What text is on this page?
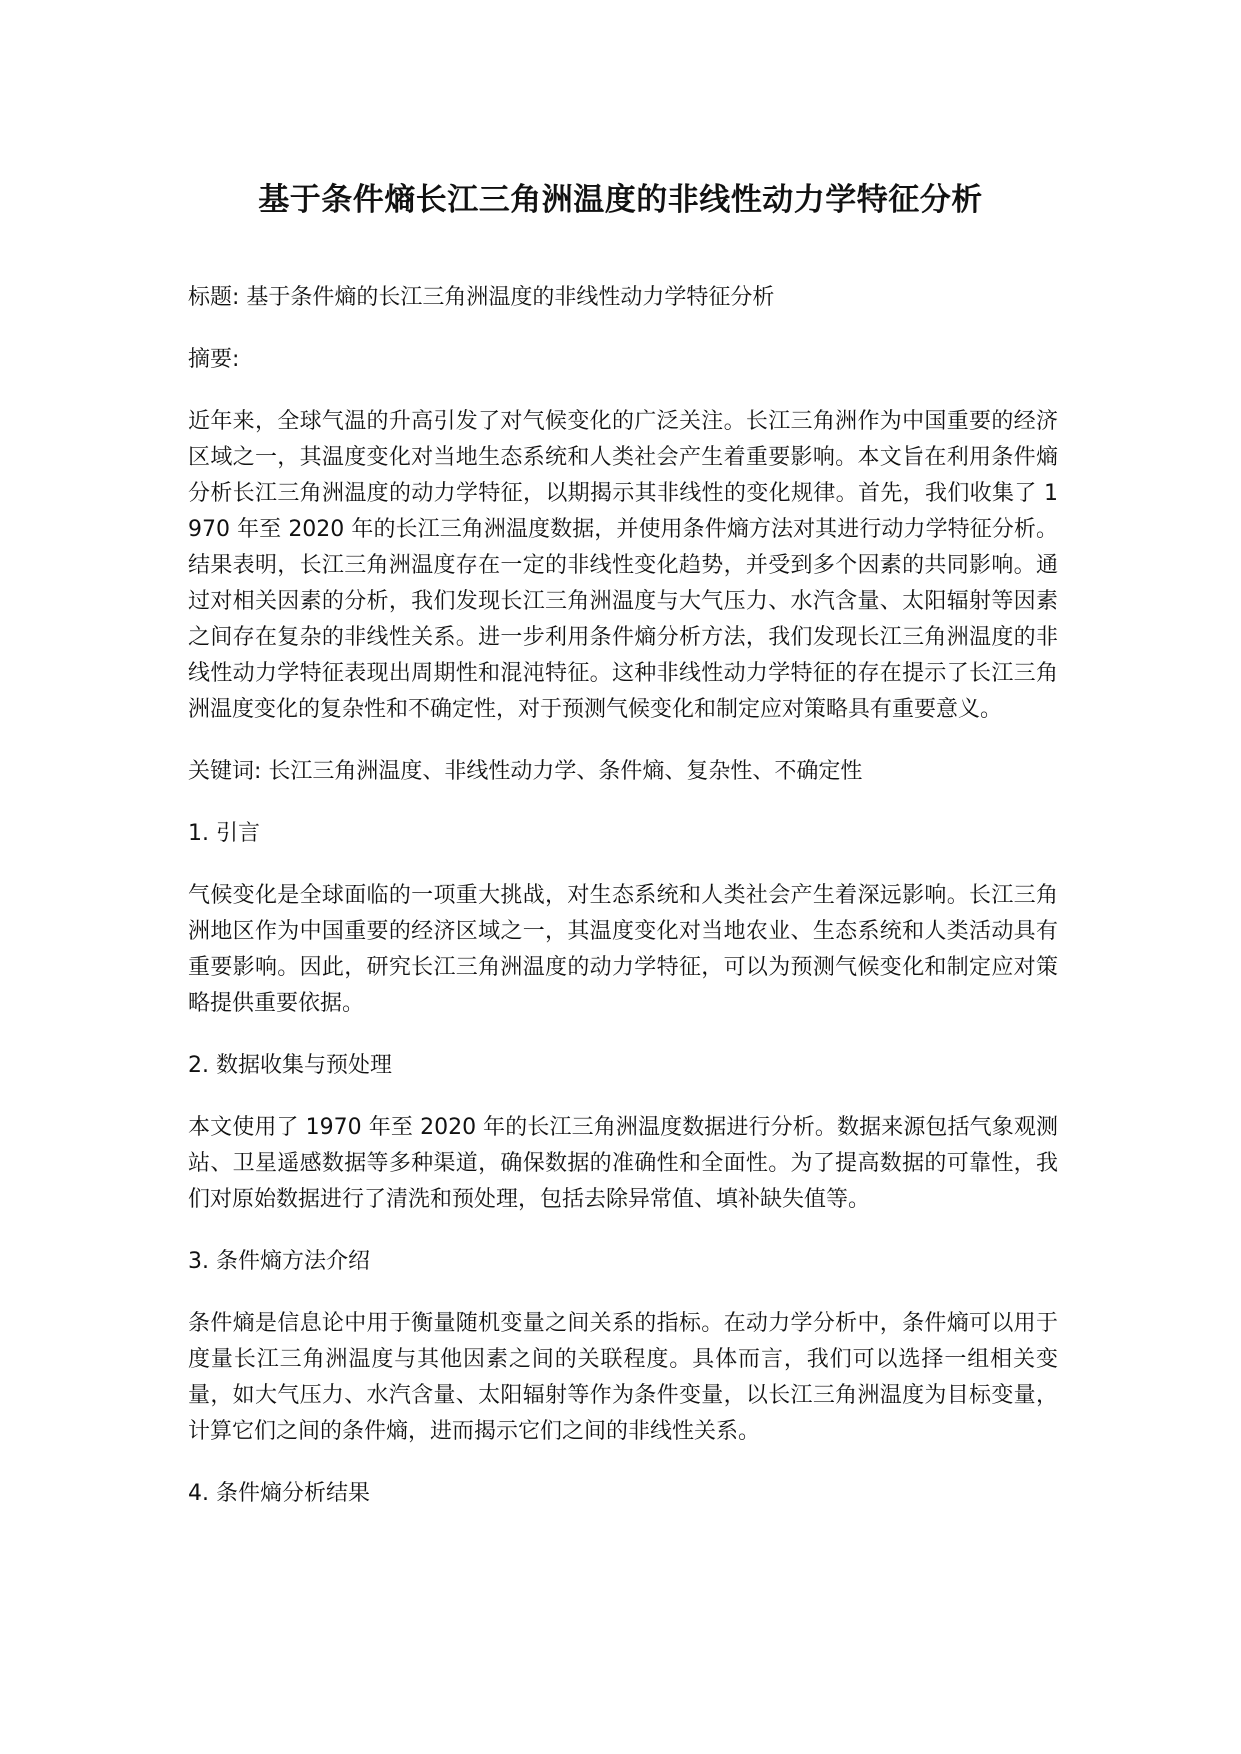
基于条件熵长江三角洲温度的非线性动力学特征分析

标题: 基于条件熵的长江三角洲温度的非线性动力学特征分析

摘要:

近年来，全球气温的升高引发了对气候变化的广泛关注。长江三角洲作为中国重要的经济区域之一，其温度变化对当地生态系统和人类社会产生着重要影响。本文旨在利用条件熵分析长江三角洲温度的动力学特征，以期揭示其非线性的变化规律。首先，我们收集了 1970 年至 2020 年的长江三角洲温度数据，并使用条件熵方法对其进行动力学特征分析。结果表明，长江三角洲温度存在一定的非线性变化趋势，并受到多个因素的共同影响。通过对相关因素的分析，我们发现长江三角洲温度与大气压力、水汽含量、太阳辐射等因素之间存在复杂的非线性关系。进一步利用条件熵分析方法，我们发现长江三角洲温度的非线性动力学特征表现出周期性和混沌特征。这种非线性动力学特征的存在提示了长江三角洲温度变化的复杂性和不确定性，对于预测气候变化和制定应对策略具有重要意义。

关键词: 长江三角洲温度、非线性动力学、条件熵、复杂性、不确定性

1. 引言

气候变化是全球面临的一项重大挑战，对生态系统和人类社会产生着深远影响。长江三角洲地区作为中国重要的经济区域之一，其温度变化对当地农业、生态系统和人类活动具有重要影响。因此，研究长江三角洲温度的动力学特征，可以为预测气候变化和制定应对策略提供重要依据。

2. 数据收集与预处理

本文使用了 1970 年至 2020 年的长江三角洲温度数据进行分析。数据来源包括气象观测站、卫星遥感数据等多种渠道，确保数据的准确性和全面性。为了提高数据的可靠性，我们对原始数据进行了清洗和预处理，包括去除异常值、填补缺失值等。

3. 条件熵方法介绍

条件熵是信息论中用于衡量随机变量之间关系的指标。在动力学分析中，条件熵可以用于度量长江三角洲温度与其他因素之间的关联程度。具体而言，我们可以选择一组相关变量，如大气压力、水汽含量、太阳辐射等作为条件变量，以长江三角洲温度为目标变量，计算它们之间的条件熵，进而揭示它们之间的非线性关系。

4. 条件熵分析结果
